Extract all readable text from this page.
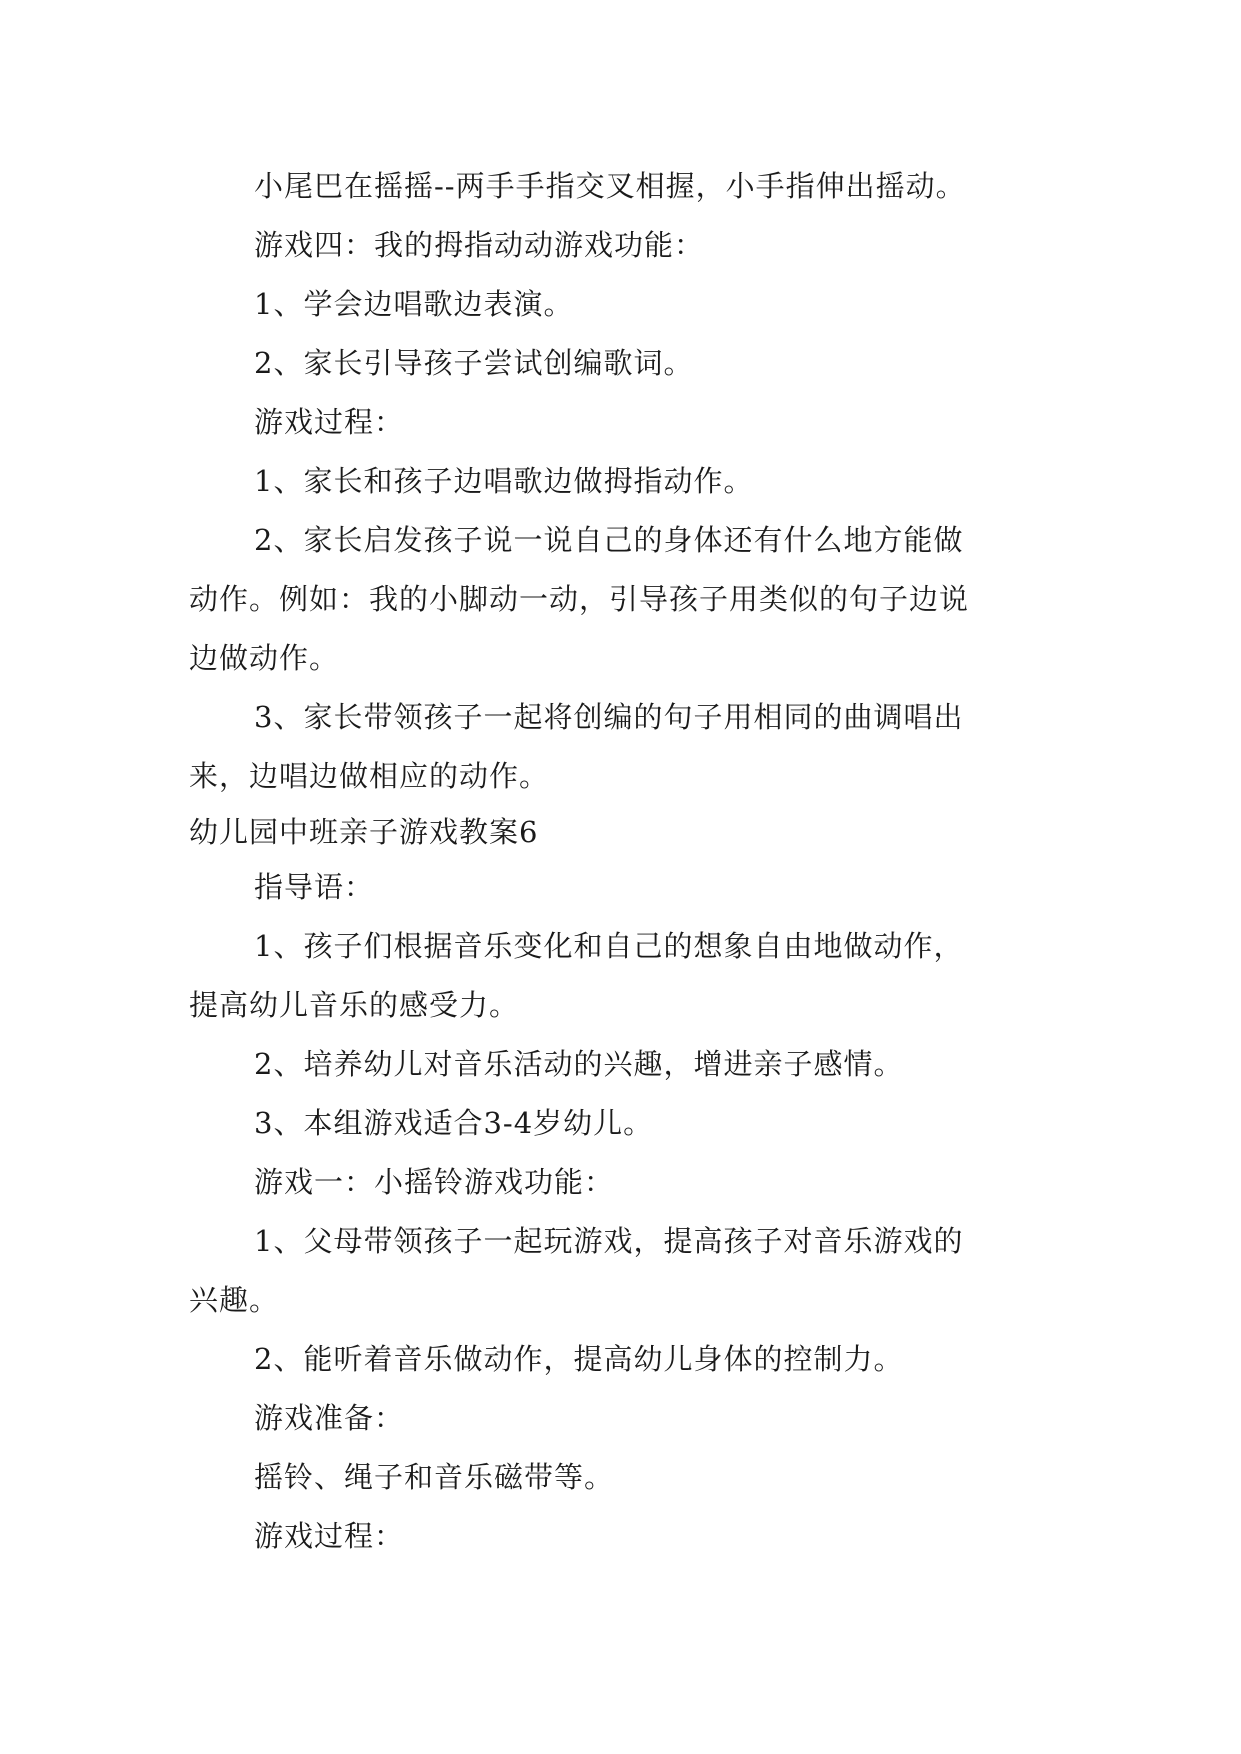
小尾巴在摇摇--两手手指交叉相握，小手指伸出摇动。
游戏四：我的拇指动动游戏功能：
1、学会边唱歌边表演。
2、家长引导孩子尝试创编歌词。
游戏过程：
1、家长和孩子边唱歌边做拇指动作。
2、家长启发孩子说一说自己的身体还有什么地方能做
动作。例如：我的小脚动一动，引导孩子用类似的句子边说
边做动作。
3、家长带领孩子一起将创编的句子用相同的曲调唱出
来，边唱边做相应的动作。
幼儿园中班亲子游戏教案6
指导语：
1、孩子们根据音乐变化和自己的想象自由地做动作，
提高幼儿音乐的感受力。
2、培养幼儿对音乐活动的兴趣，增进亲子感情。
3、本组游戏适合3-4岁幼儿。
游戏一：小摇铃游戏功能：
1、父母带领孩子一起玩游戏，提高孩子对音乐游戏的
兴趣。
2、能听着音乐做动作，提高幼儿身体的控制力。
游戏准备：
摇铃、绳子和音乐磁带等。
游戏过程：
